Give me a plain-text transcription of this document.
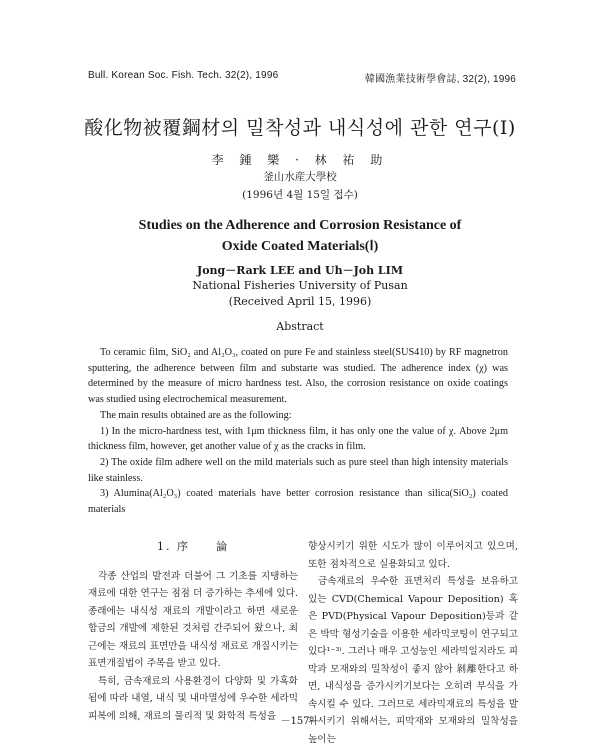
Bull. Korean Soc. Fish. Tech. 32(2), 1996	韓國漁業技術學會誌, 32(2), 1996
酸化物被覆鋼材의 밀착성과 내식성에 관한 연구(Ⅰ)
李 鍾 樂 · 林 祐 助
釜山水産大學校
(1996년 4월 15일 접수)
Studies on the Adherence and Corrosion Resistance of
Oxide Coated Materials(Ⅰ)
Jong－Rark LEE and Uh－Joh LIM
National Fisheries University of Pusan
(Received April 15, 1996)
Abstract

To ceramic film, SiO₂ and Al₂O₃, coated on pure Fe and stainless steel(SUS410) by RF magnetron sputtering, the adherence between film and substarte was studied. The adherence index (χ) was determined by the measure of micro hardness test. Also, the corrosion resistance on oxide coatings was studied using electrochemical measurement.

The main results obtained are as the following:

1) In the micro-hardness test, with 1μm thickness film, it has only one the value of χ. Above 2μm thickness film, however, get another value of χ as the cracks in film.

2) The oxide film adhere well on the mild materials such as pure steel than high intensity materials like stainless.

3) Alumina(Al₂O₃) coated materials have better corrosion resistance than silica(SiO₂) coated materials

1. 序　　論

각종 산업의 발전과 더불어 그 기초를 지탱하는 재료에 대한 연구는 점점 더 증가하는 추세에 있다. 종래에는 내식성 재료의 개발이라고 하면 새로운 합금의 개발에 제한된 것처럼 간주되어 왔으나, 최근에는 재료의 표면만을 내식성 재료로 개질시키는 표면개질법이 주목을 받고 있다.

특히, 금속재료의 사용환경이 다양화 및 가혹화됨에 따라 내열, 내식 및 내마멸성에 우수한 세라믹피복에 의해, 재료의 물리적 및 화학적 특성을

향상시키기 위한 시도가 많이 이루어지고 있으며, 또한 점차적으로 실용화되고 있다.

금속재료의 우수한 표면처리 특성을 보유하고 있는 CVD(Chemical Vapour Deposition) 혹은 PVD(Physical Vapour Deposition)등과 같은 박막 형성기술을 이용한 세라믹코팅이 연구되고 있다¹⁻³⁾. 그러나 매우 고성능인 세라믹일지라도 피막과 모재와의 밀착성이 좋지 않아 剝離한다고 하면, 내식성을 증가시키기보다는 오히려 부식을 가속시킬 수 있다. 그러므로 세라믹재료의 특성을 발휘시키기 위해서는, 피막재와 모재와의 밀착성을 높이는

－157－
